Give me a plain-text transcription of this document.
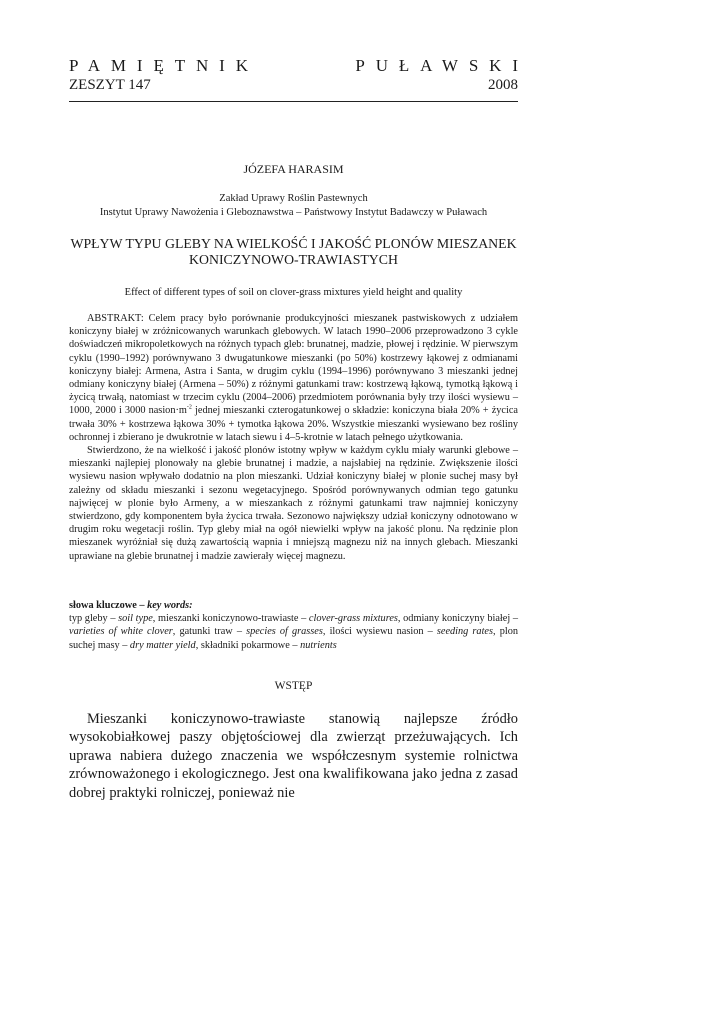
PAMIĘTNIK	PUŁAWSKI
ZESZYT 147	2008
JÓZEFA HARASIM
Zakład Uprawy Roślin Pastewnych
Instytut Uprawy Nawożenia i Gleboznawstwa – Państwowy Instytut Badawczy w Puławach
WPŁYW TYPU GLEBY NA WIELKOŚĆ I JAKOŚĆ PLONÓW MIESZANEK
KONICZYNOWO-TRAWIASTYCH
Effect of different types of soil on clover-grass mixtures yield height and quality

ABSTRAKT: Celem pracy było porównanie produkcyjności mieszanek pastwiskowych z udziałem koniczyny białej w zróżnicowanych warunkach glebowych. W latach 1990–2006 przeprowadzono 3 cykle doświadczeń mikropoletkowych na różnych typach gleb: brunatnej, madzie, płowej i rędzinie. W pierwszym cyklu (1990–1992) porównywano 3 dwugatunkowe mieszanki (po 50%) kostrzewy łąkowej z odmianami koniczyny białej: Armena, Astra i Santa, w drugim cyklu (1994–1996) porównywano 3 mieszanki jednej odmiany koniczyny białej (Armena – 50%) z różnymi gatunkami traw: kostrzewą łąkową, tymotką łąkową i życicą trwałą, natomiast w trzecim cyklu (2004–2006) przedmiotem porównania były trzy ilości wysiewu – 1000, 2000 i 3000 $nasion\cdot m^{-2}$ jednej mieszanki czterogatunkowej o składzie: koniczyna biała 20% + życica trwała 30% + kostrzewa łąkowa 30% + tymotka łąkowa 20%. Wszystkie mieszanki wysiewano bez rośliny ochronnej i zbierano je dwukrotnie w latach siewu i 4–5-krotnie w latach pełnego użytkowania.

Stwierdzono, że na wielkość i jakość plonów istotny wpływ w każdym cyklu miały warunki glebowe – mieszanki najlepiej plonowały na glebie brunatnej i madzie, a najsłabiej na rędzinie. Zwiększenie ilości wysiewu nasion wpływało dodatnio na plon mieszanki. Udział koniczyny białej w plonie suchej masy był zależny od składu mieszanki i sezonu wegetacyjnego. Spośród porównywanych odmian tego gatunku najwięcej w plonie było Armeny, a w mieszankach z różnymi gatunkami traw najmniej koniczyny stwierdzono, gdy komponentem była życica trwała. Sezonowo największy udział koniczyny odnotowano w drugim roku wegetacji roślin. Typ gleby miał na ogół niewielki wpływ na jakość plonu. Na rędzinie plon mieszanek wyróżniał się dużą zawartością wapnia i mniejszą magnezu niż na innych glebach. Mieszanki uprawiane na glebie brunatnej i madzie zawierały więcej magnezu.

słowa kluczowe – key words:
typ gleby – soil type, mieszanki koniczynowo-trawiaste – clover-grass mixtures, odmiany koniczyny białej – varieties of white clover, gatunki traw – species of grasses, ilości wysiewu nasion – seeding rates, plon suchej masy – dry matter yield, składniki pokarmowe – nutrients
WSTĘP

Mieszanki koniczynowo-trawiaste stanowią najlepsze źródło wysokobiałkowej paszy objętościowej dla zwierząt przeżuwających. Ich uprawa nabiera dużego znaczenia we współczesnym systemie rolnictwa zrównoważonego i ekologicznego. Jest ona kwalifikowana jako jedna z zasad dobrej praktyki rolniczej, ponieważ nie
